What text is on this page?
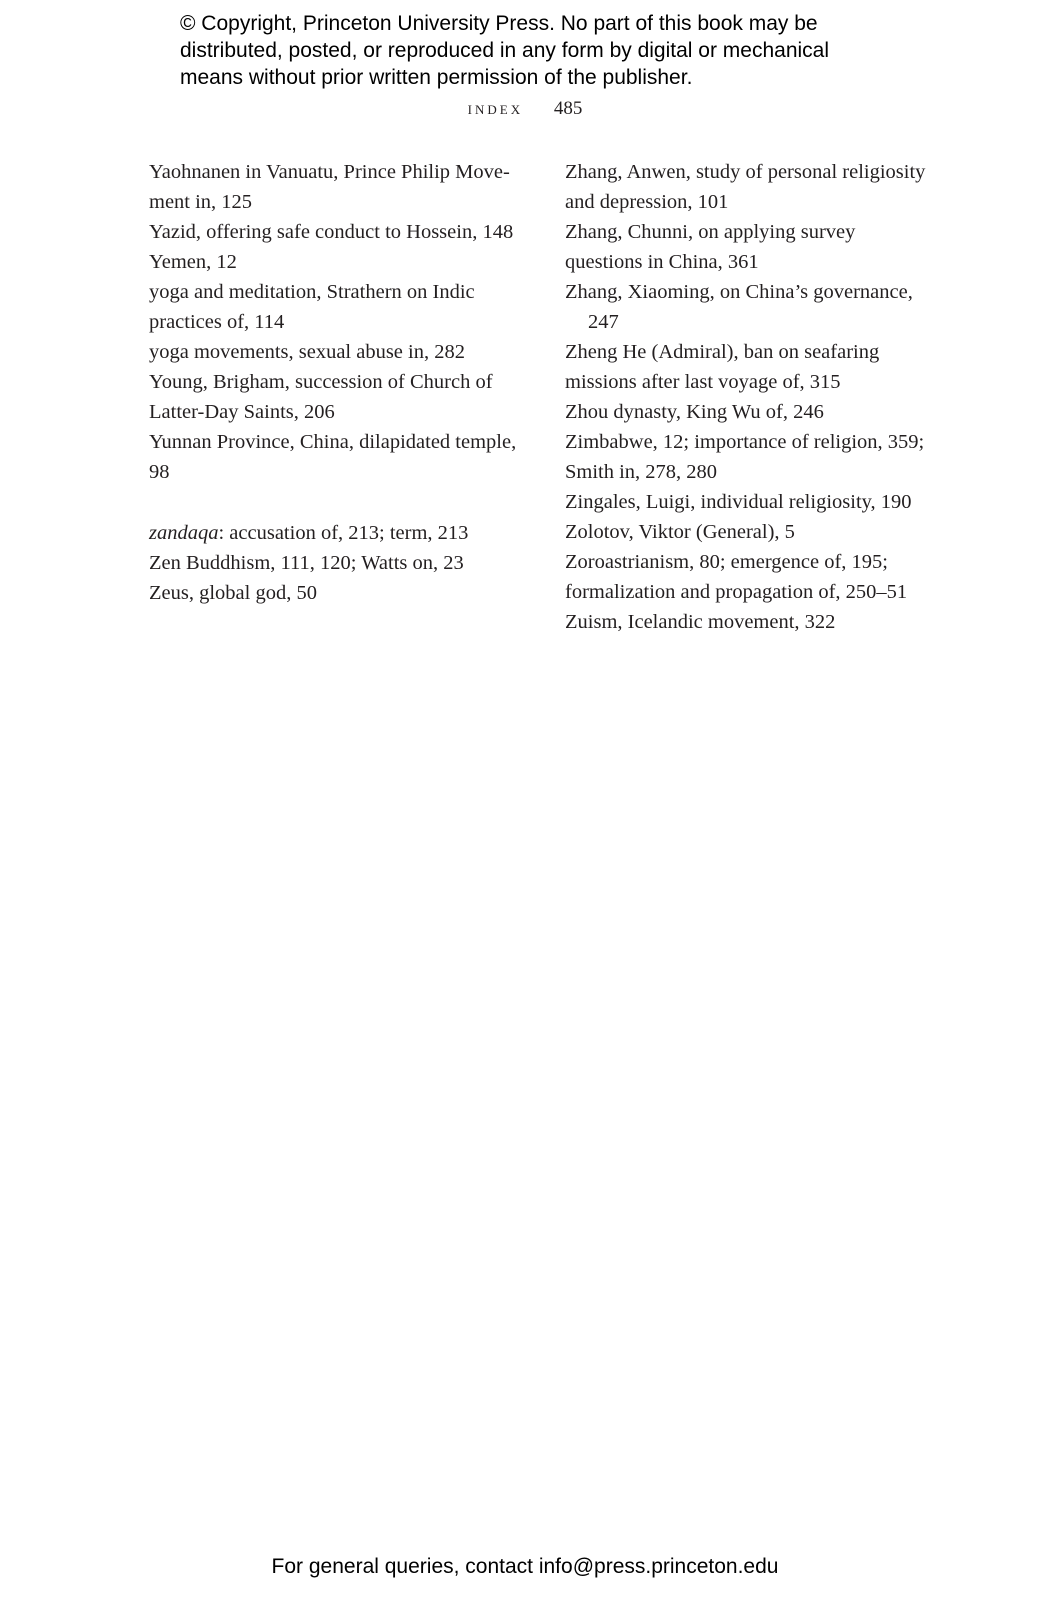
© Copyright, Princeton University Press. No part of this book may be
distributed, posted, or reproduced in any form by digital or mechanical
means without prior written permission of the publisher.
index 485

Yaohnanen in Vanuatu, Prince Philip Move-
ment in, 125

Yazid, offering safe conduct to Hossein, 148

Yemen, 12

yoga and meditation, Strathern on Indic
practices of, 114

yoga movements, sexual abuse in, 282

Young, Brigham, succession of Church of
Latter-Day Saints, 206

Yunnan Province, China, dilapidated temple,
98

zandaqa: accusation of, 213; term, 213

Zen Buddhism, 111, 120; Watts on, 23

Zeus, global god, 50

Zhang, Anwen, study of personal religiosity
and depression, 101

Zhang, Chunni, on applying survey
questions in China, 361

Zhang, Xiaoming, on China’s governance, 247

Zheng He (Admiral), ban on seafaring
missions after last voyage of, 315

Zhou dynasty, King Wu of, 246

Zimbabwe, 12; importance of religion, 359;
Smith in, 278, 280

Zingales, Luigi, individual religiosity, 190

Zolotov, Viktor (General), 5

Zoroastrianism, 80; emergence of, 195;
formalization and propagation of, 250–51

Zuism, Icelandic movement, 322

For general queries, contact info@press.princeton.edu
